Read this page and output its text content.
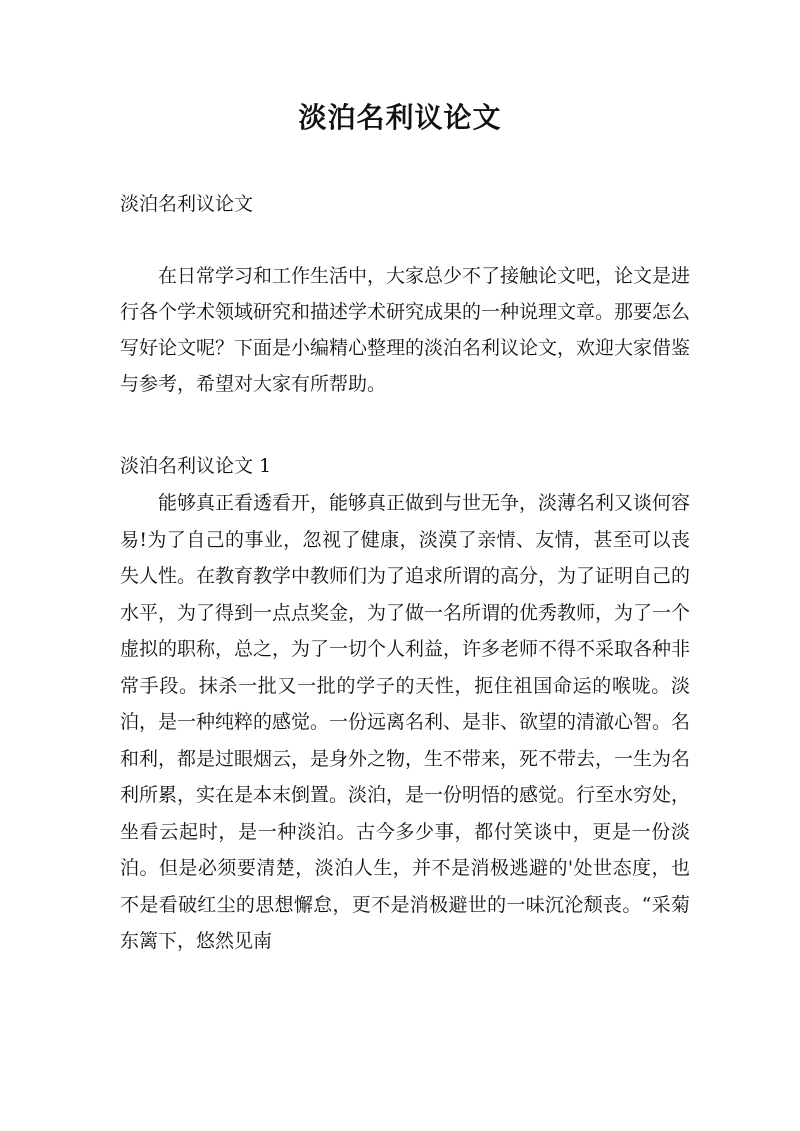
淡泊名利议论文
淡泊名利议论文

在日常学习和工作生活中，大家总少不了接触论文吧，论文是进行各个学术领域研究和描述学术研究成果的一种说理文章。那要怎么写好论文呢？下面是小编精心整理的淡泊名利议论文，欢迎大家借鉴与参考，希望对大家有所帮助。

淡泊名利议论文 1

能够真正看透看开，能够真正做到与世无争，淡薄名利又谈何容易!为了自己的事业，忽视了健康，淡漠了亲情、友情，甚至可以丧失人性。在教育教学中教师们为了追求所谓的高分，为了证明自己的水平，为了得到一点点奖金，为了做一名所谓的优秀教师，为了一个虚拟的职称，总之，为了一切个人利益，许多老师不得不采取各种非常手段。抹杀一批又一批的学子的天性，扼住祖国命运的喉咙。淡泊，是一种纯粹的感觉。一份远离名利、是非、欲望的清澈心智。名和利，都是过眼烟云，是身外之物，生不带来，死不带去，一生为名利所累，实在是本末倒置。淡泊，是一份明悟的感觉。行至水穷处，坐看云起时，是一种淡泊。古今多少事，都付笑谈中，更是一份淡泊。但是必须要清楚，淡泊人生，并不是消极逃避的'处世态度，也不是看破红尘的思想懈怠，更不是消极避世的一味沉沦颓丧。“采菊东篱下，悠然见南
